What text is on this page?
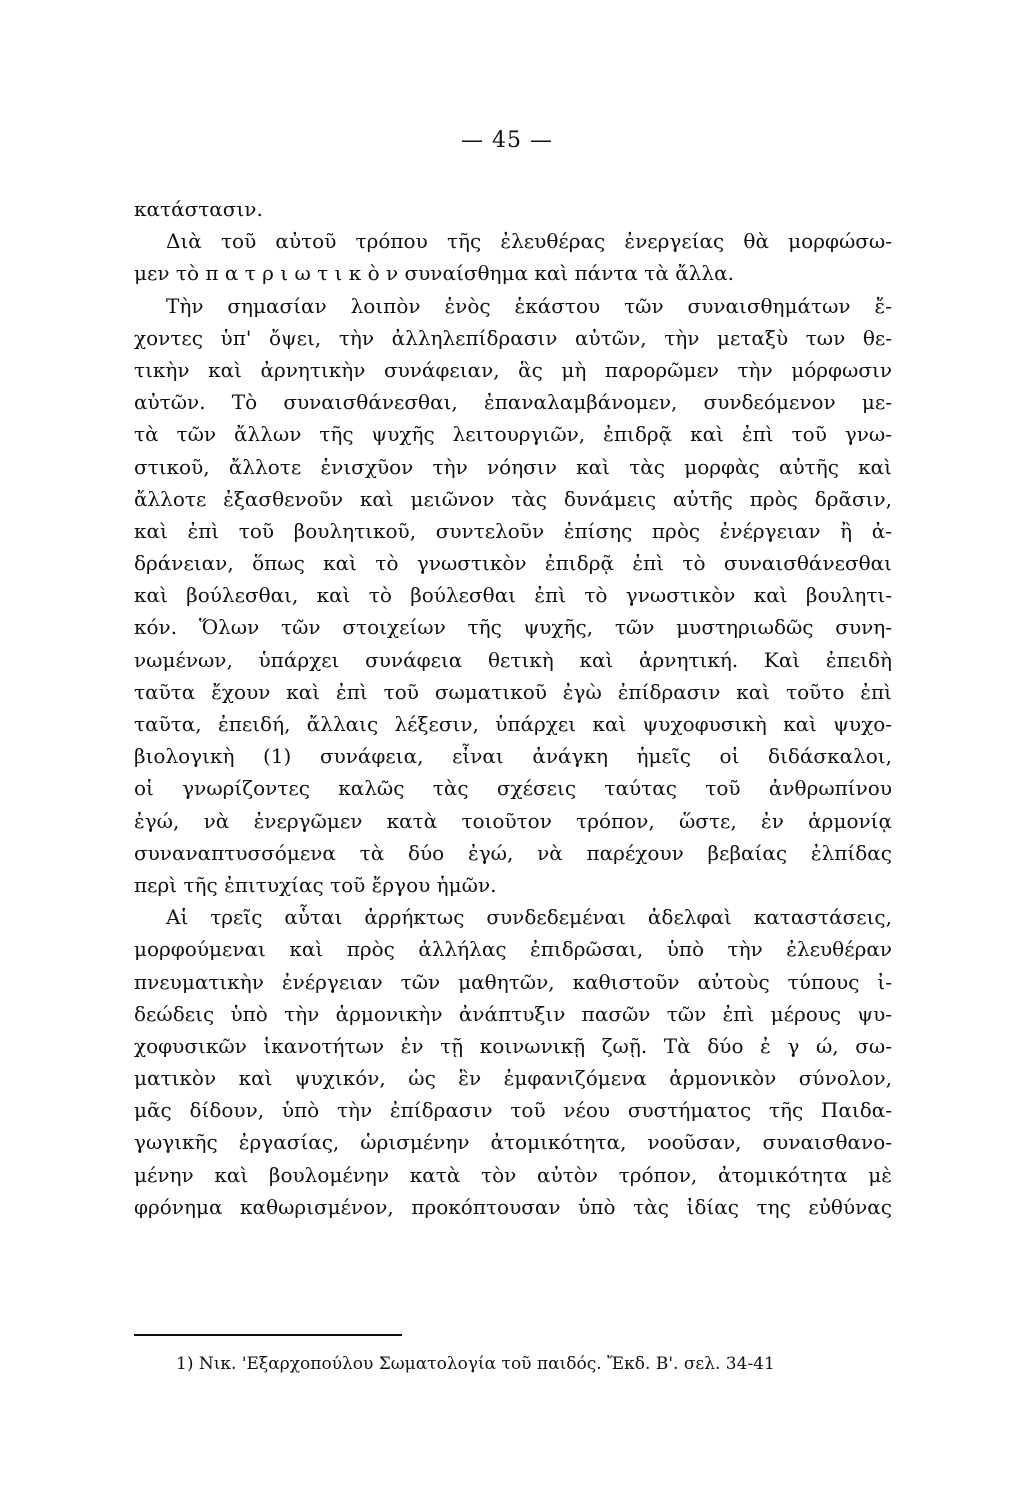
— 45 —
κατάστασιν.
Διὰ τοῦ αὐτοῦ τρόπου τῆς ἐλευθέρας ἐνεργείας θὰ μορφώσω-
μεν τὸ π α τ ρ ι ω τ ι κ ὸ ν συναίσθημα καὶ πάντα τὰ ἄλλα.
Τὴν σημασίαν λοιπὸν ἑνὸς ἑκάστου τῶν συναισθημάτων ἔ-
χοντες ὑπ' ὄψει, τὴν ἀλληλεπίδρασιν αὐτῶν, τὴν μεταξὺ των θε-
τικὴν καὶ ἀρνητικὴν συνάφειαν, ἃς μὴ παρορῶμεν τὴν μόρφωσιν
αὐτῶν. Τὸ συναισθάνεσθαι, ἐπαναλαμβάνομεν, συνδεόμενον με-
τὰ τῶν ἄλλων τῆς ψυχῆς λειτουργιῶν, ἐπιδρᾷ καὶ ἐπὶ τοῦ γνω-
στικοῦ, ἄλλοτε ἐνισχῦον τὴν νόησιν καὶ τὰς μορφὰς αὐτῆς καὶ
ἄλλοτε ἐξασθενοῦν καὶ μειῶνον τὰς δυνάμεις αὐτῆς πρὸς δρᾶσιν,
καὶ ἐπὶ τοῦ βουλητικοῦ, συντελοῦν ἐπίσης πρὸς ἐνέργειαν ἢ ἀ-
δράνειαν, ὅπως καὶ τὸ γνωστικὸν ἐπιδρᾷ ἐπὶ τὸ συναισθάνεσθαι
καὶ βούλεσθαι, καὶ τὸ βούλεσθαι ἐπὶ τὸ γνωστικὸν καὶ βουλητι-
κόν. Ὅλων τῶν στοιχείων τῆς ψυχῆς, τῶν μυστηριωδῶς συνη-
νωμένων, ὑπάρχει συνάφεια θετικὴ καὶ ἀρνητική. Καὶ ἐπειδὴ
ταῦτα ἔχουν καὶ ἐπὶ τοῦ σωματικοῦ ἐγὼ ἐπίδρασιν καὶ τοῦτο ἐπὶ
ταῦτα, ἐπειδή, ἄλλαις λέξεσιν, ὑπάρχει καὶ ψυχοφυσικὴ καὶ ψυχο-
βιολογικὴ (1) συνάφεια, εἶναι ἀνάγκη ἡμεῖς οἱ διδάσκαλοι,
οἱ γνωρίζοντες καλῶς τὰς σχέσεις ταύτας τοῦ ἀνθρωπίνου
ἐγώ, νὰ ἐνεργῶμεν κατὰ τοιοῦτον τρόπον, ὥστε, ἐν ἁρμονίᾳ
συναναπτυσσόμενα τὰ δύο ἐγώ, νὰ παρέχουν βεβαίας ἐλπίδας
περὶ τῆς ἐπιτυχίας τοῦ ἔργου ἡμῶν.
Αἱ τρεῖς αὗται ἀρρήκτως συνδεδεμέναι ἀδελφαὶ καταστάσεις,
μορφούμεναι καὶ πρὸς ἀλλήλας ἐπιδρῶσαι, ὑπὸ τὴν ἐλευθέραν
πνευματικὴν ἐνέργειαν τῶν μαθητῶν, καθιστοῦν αὐτοὺς τύπους ἰ-
δεώδεις ὑπὸ τὴν ἁρμονικὴν ἀνάπτυξιν πασῶν τῶν ἐπὶ μέρους ψυ-
χοφυσικῶν ἱκανοτήτων ἐν τῇ κοινωνικῇ ζωῇ. Τὰ δύο ἐ γ ώ, σω-
ματικὸν καὶ ψυχικόν, ὡς ἓν ἐμφανιζόμενα ἁρμονικὸν σύνολον,
μᾶς δίδουν, ὑπὸ τὴν ἐπίδρασιν τοῦ νέου συστήματος τῆς Παιδα-
γωγικῆς ἐργασίας, ὡρισμένην ἀτομικότητα, νοοῦσαν, συναισθανο-
μένην καὶ βουλομένην κατὰ τὸν αὐτὸν τρόπον, ἀτομικότητα μὲ
φρόνημα καθωρισμένον, προκόπτουσαν ὑπὸ τὰς ἰδίας της εὐθύνας
1) Νικ. 'Εξαρχοπούλου Σωματολογία τοῦ παιδός. Ἔκδ. Β'. σελ. 34-41
